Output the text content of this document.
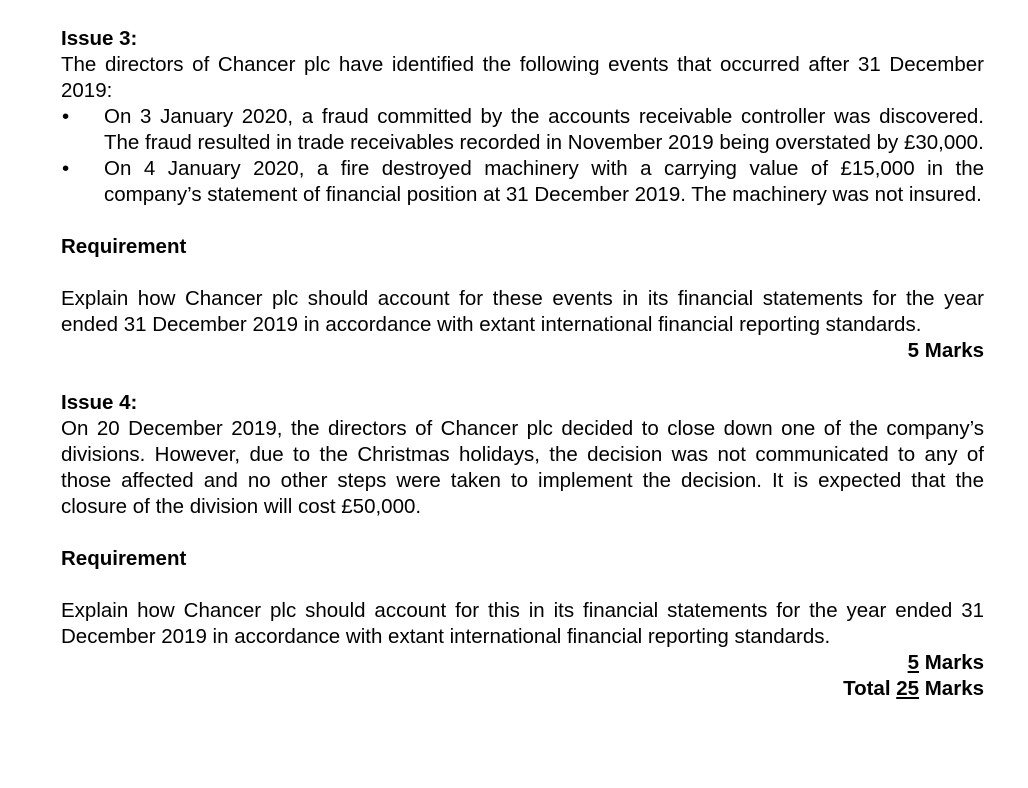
Issue 3:

The directors of Chancer plc have identified the following events that occurred after 31 December 2019:

•	On 3 January 2020, a fraud committed by the accounts receivable controller was discovered. The fraud resulted in trade receivables recorded in November 2019 being overstated by £30,000.
•	On 4 January 2020, a fire destroyed machinery with a carrying value of £15,000 in the company’s statement of financial position at 31 December 2019. The machinery was not insured.

Requirement

Explain how Chancer plc should account for these events in its financial statements for the year ended 31 December 2019 in accordance with extant international financial reporting standards.

5 Marks

Issue 4:

On 20 December 2019, the directors of Chancer plc decided to close down one of the company’s divisions. However, due to the Christmas holidays, the decision was not communicated to any of those affected and no other steps were taken to implement the decision. It is expected that the closure of the division will cost £50,000.

Requirement

Explain how Chancer plc should account for this in its financial statements for the year ended 31 December 2019 in accordance with extant international financial reporting standards.

5 Marks

Total 25 Marks
